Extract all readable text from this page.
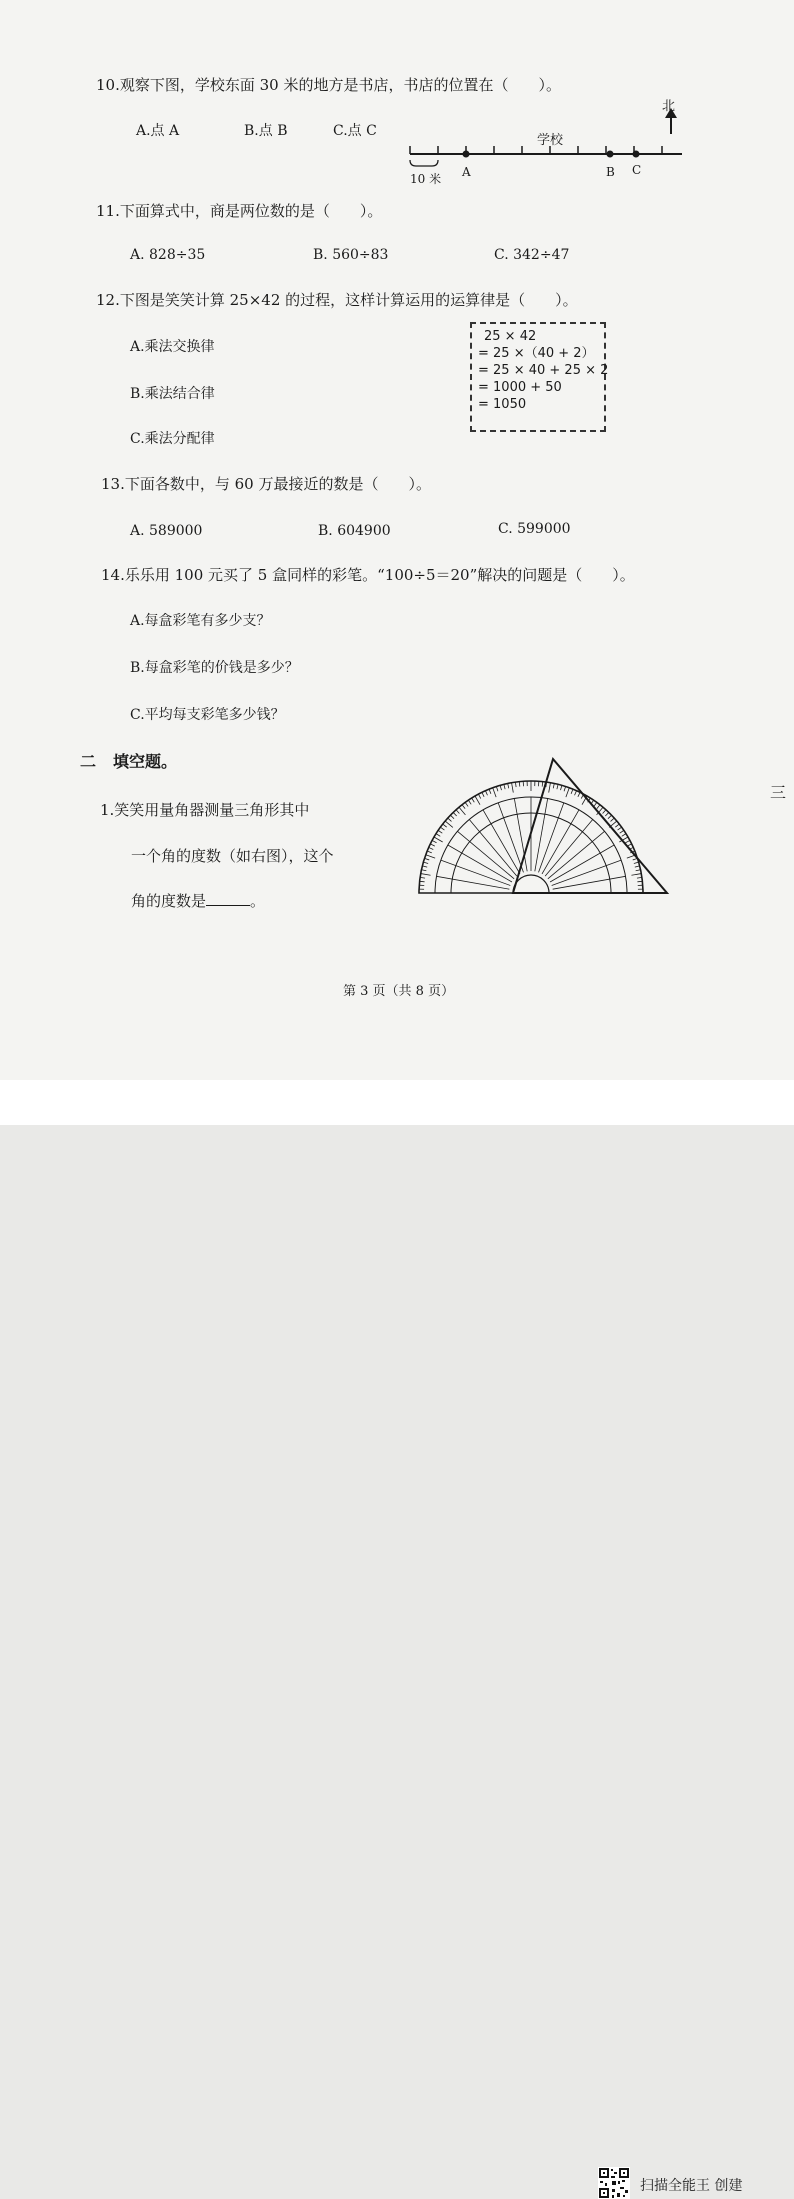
10.观察下图，学校东面 30 米的地方是书店，书店的位置在（　　）。
A.点 A	B.点 B	C.点 C
北
学校
10 米 A	B C
11.下面算式中，商是两位数的是（　　）。
A. 828÷35	B. 560÷83	C. 342÷47
12.下图是笑笑计算 25×42 的过程，这样计算运用的运算律是（　　）。
A.乘法交换律
B.乘法结合律
C.乘法分配律
25 × 42
= 25 ×（40 + 2）
= 25 × 40 + 25 × 2
= 1000 + 50
= 1050
13.下面各数中，与 60 万最接近的数是（　　）。
A. 589000	B. 604900	C. 599000
14.乐乐用 100 元买了 5 盒同样的彩笔。“100÷5＝20”解决的问题是（　　）。
A.每盒彩笔有多少支？
B.每盒彩笔的价钱是多少？
C.平均每支彩笔多少钱？
二 填空题。
1.笑笑用量角器测量三角形其中
一个角的度数（如右图），这个
角的度数是	。
第 3 页（共 8 页）
三
扫描全能王 创建
